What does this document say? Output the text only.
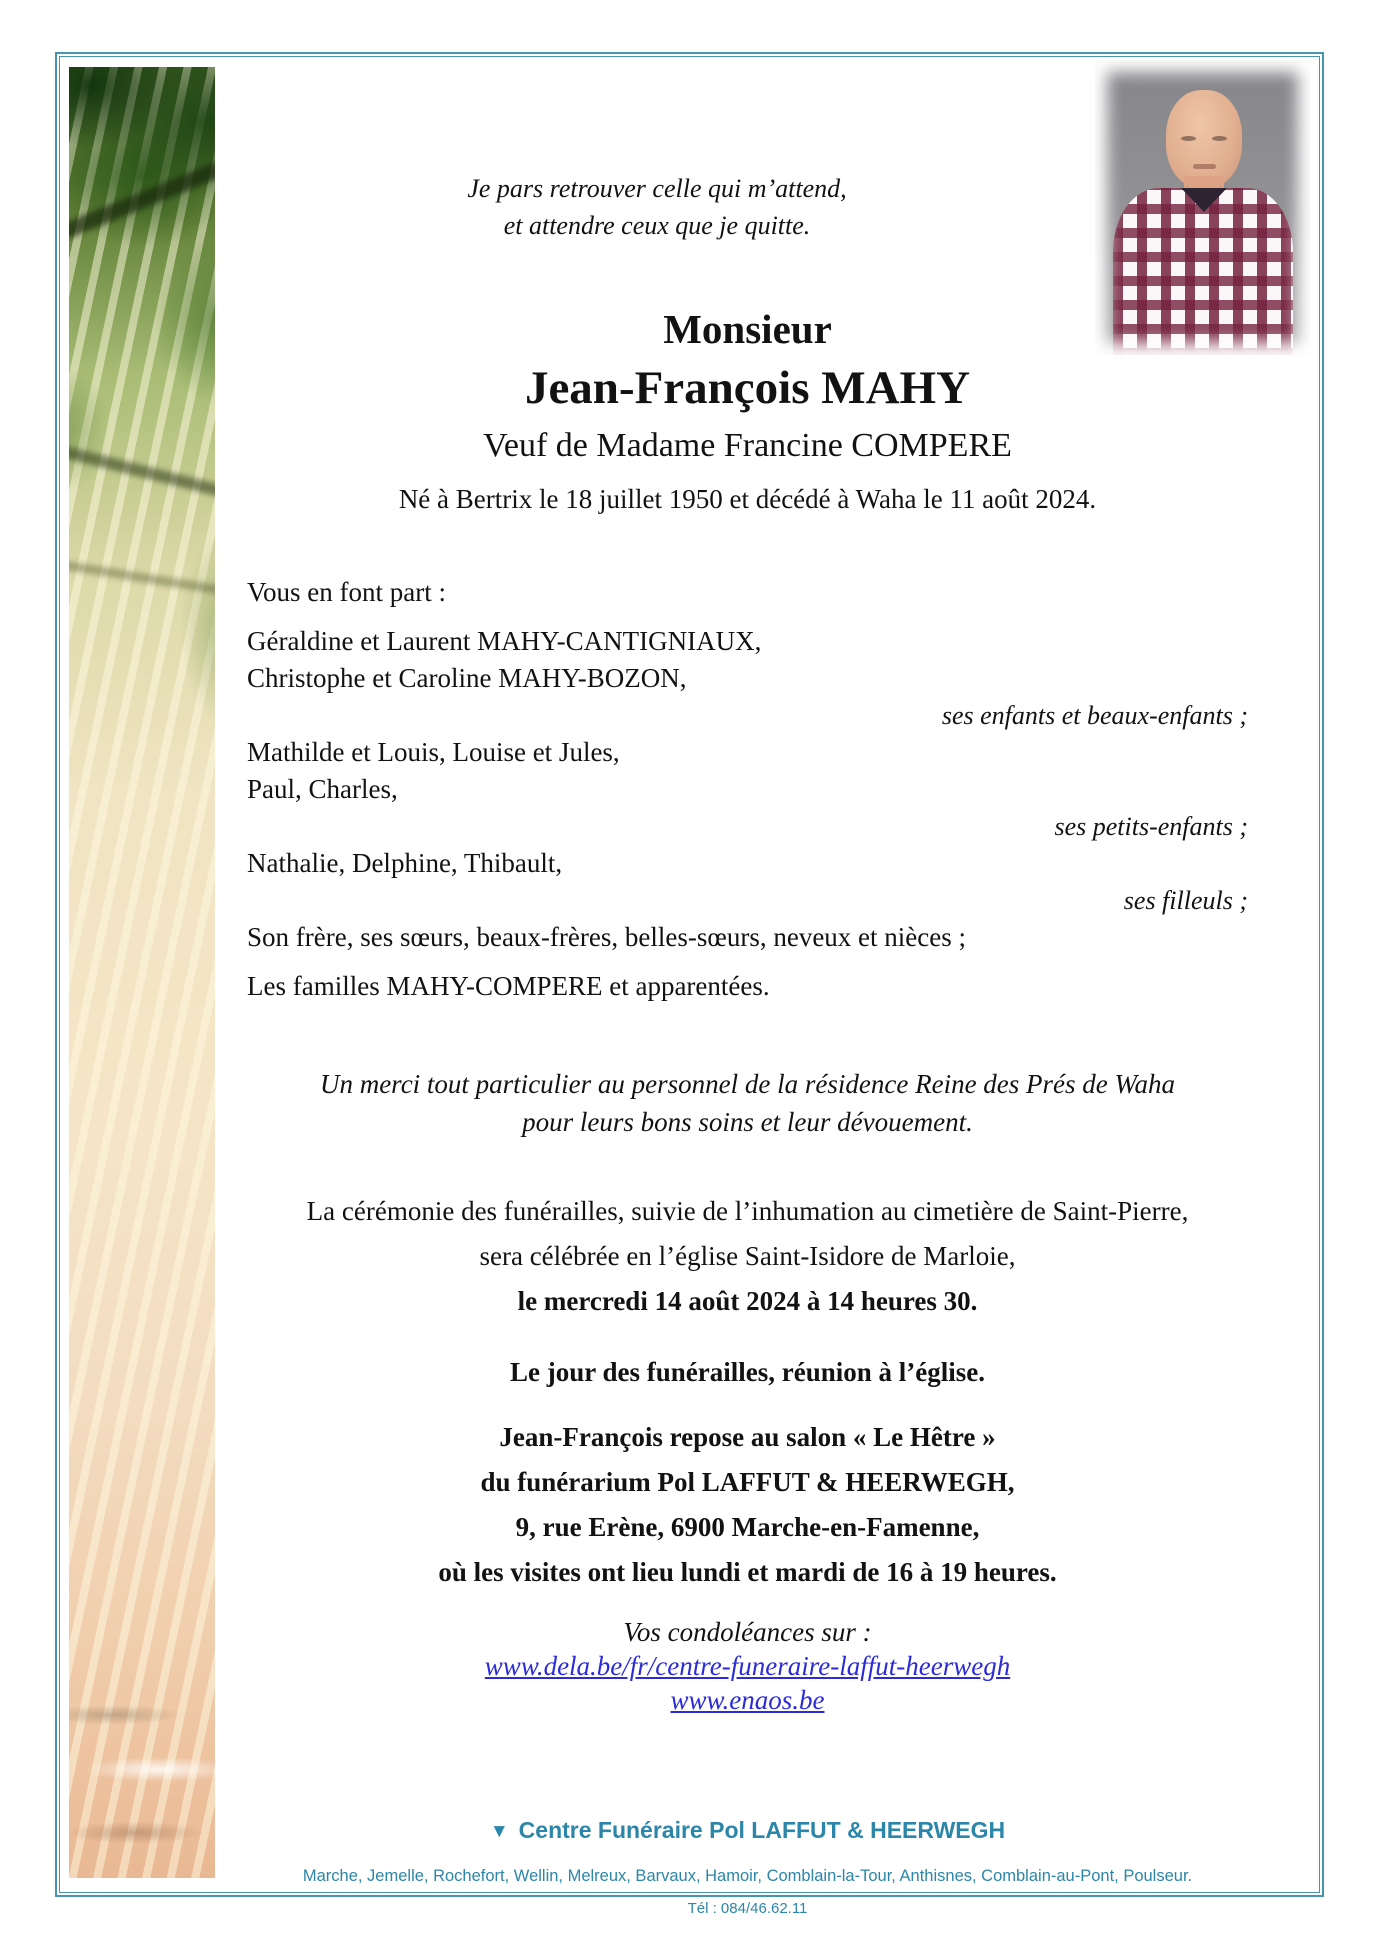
Je pars retrouver celle qui m’attend,
et attendre ceux que je quitte.
Monsieur
Jean-François MAHY
Veuf de Madame Francine COMPERE
Né à Bertrix le 18 juillet 1950 et décédé à Waha le 11 août 2024.
Vous en font part :
Géraldine et Laurent MAHY-CANTIGNIAUX,
Christophe et Caroline MAHY-BOZON,
ses enfants et beaux-enfants ;
Mathilde et Louis, Louise et Jules,
Paul, Charles,
ses petits-enfants ;
Nathalie, Delphine, Thibault,
ses filleuls ;
Son frère, ses sœurs, beaux-frères, belles-sœurs, neveux et nièces ;
Les familles MAHY-COMPERE et apparentées.
Un merci tout particulier au personnel de la résidence Reine des Prés de Waha
pour leurs bons soins et leur dévouement.
La cérémonie des funérailles, suivie de l’inhumation au cimetière de Saint-Pierre,
sera célébrée en l’église Saint-Isidore de Marloie,
le mercredi 14 août 2024 à 14 heures 30.
Le jour des funérailles, réunion à l’église.
Jean-François repose au salon « Le Hêtre »
du funérarium Pol LAFFUT & HEERWEGH,
9, rue Erène, 6900 Marche-en-Famenne,
où les visites ont lieu lundi et mardi de 16 à 19 heures.
Vos condoléances sur :
www.dela.be/fr/centre-funeraire-laffut-heerwegh
www.enaos.be
▼ Centre Funéraire Pol LAFFUT & HEERWEGH
Marche, Jemelle, Rochefort, Wellin, Melreux, Barvaux, Hamoir, Comblain-la-Tour, Anthisnes, Comblain-au-Pont, Poulseur.
Tél : 084/46.62.11
